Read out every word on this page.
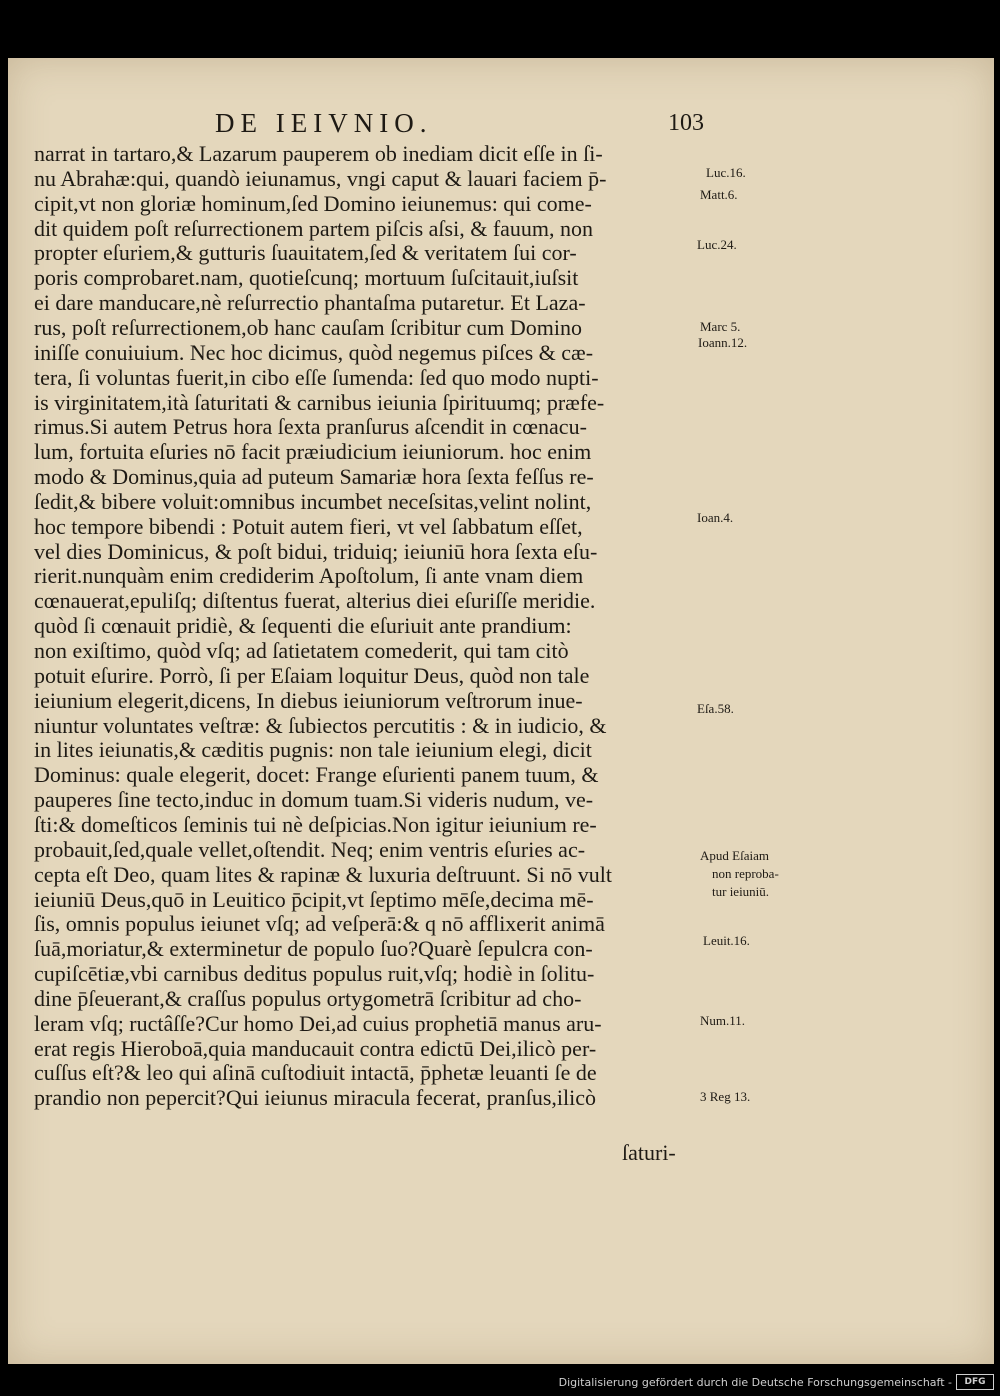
DE IEIVNIO.	103
narrat in tartaro,& Lazarum pauperem ob inediam dicit eſſe in ſi-
nu Abrahæ:qui, quandò ieiunamus, vngi caput & lauari faciem p̄-
cipit,vt non gloriæ hominum,ſed Domino ieiunemus: qui come-
dit quidem poſt reſurrectionem partem piſcis aſsi, & fauum, non
propter eſuriem,& gutturis ſuauitatem,ſed & veritatem ſui cor-
poris comprobaret.nam, quotieſcunq; mortuum ſuſcitauit,iuſsit
ei dare manducare,nè reſurrectio phantaſma putaretur. Et Laza-
rus, poſt reſurrectionem,ob hanc cauſam ſcribitur cum Domino
iniſſe conuiuium. Nec hoc dicimus, quòd negemus piſces & cæ-
tera, ſi voluntas fuerit,in cibo eſſe ſumenda: ſed quo modo nupti-
is virginitatem,ità ſaturitati & carnibus ieiunia ſpirituumq; præfe-
rimus.Si autem Petrus hora ſexta pranſurus aſcendit in cœnacu-
lum, fortuita eſuries nō facit præiudicium ieiuniorum. hoc enim
modo & Dominus,quia ad puteum Samariæ hora ſexta feſſus re-
ſedit,& bibere voluit:omnibus incumbet neceſsitas,velint nolint,
hoc tempore bibendi : Potuit autem fieri, vt vel ſabbatum eſſet,
vel dies Dominicus, & poſt bidui, triduiq; ieiuniū hora ſexta eſu-
rierit.nunquàm enim crediderim Apoſtolum, ſi ante vnam diem
cœnauerat,epuliſq; diſtentus fuerat, alterius diei eſuriſſe meridie.
quòd ſi cœnauit pridiè, & ſequenti die eſuriuit ante prandium:
non exiſtimo, quòd vſq; ad ſatietatem comederit, qui tam citò
potuit eſurire. Porrò, ſi per Eſaiam loquitur Deus, quòd non tale
ieiunium elegerit,dicens, In diebus ieiuniorum veſtrorum inue-
niuntur voluntates veſtræ: & ſubiectos percutitis : & in iudicio, &
in lites ieiunatis,& cæditis pugnis: non tale ieiunium elegi, dicit
Dominus: quale elegerit, docet: Frange eſurienti panem tuum, &
pauperes ſine tecto,induc in domum tuam.Si videris nudum, ve-
ſti:& domeſticos ſeminis tui nè deſpicias.Non igitur ieiunium re-
probauit,ſed,quale vellet,oſtendit. Neq; enim ventris eſuries ac-
cepta eſt Deo, quam lites & rapinæ & luxuria deſtruunt. Si nō vult
ieiuniū Deus,quō in Leuitico p̄cipit,vt ſeptimo mēſe,decima mē-
ſis, omnis populus ieiunet vſq; ad veſperā:& q nō afflixerit animā
ſuā,moriatur,& exterminetur de populo ſuo?Quarè ſepulcra con-
cupiſcētiæ,vbi carnibus deditus populus ruit,vſq; hodiè in ſolitu-
dine p̄ſeuerant,& craſſus populus ortygometrā ſcribitur ad cho-
leram vſq; ructâſſe?Cur homo Dei,ad cuius prophetiā manus aru-
erat regis Hieroboā,quia manducauit contra edictū Dei,ilicò per-
cuſſus eſt?& leo qui aſinā cuſtodiuit intactā, p̄phetæ leuanti ſe de
prandio non pepercit?Qui ieiunus miracula fecerat, pranſus,ilicò
ſaturi-
Luc.16.
Matt.6.
Luc.24.
Marc 5.
Ioann.12.
Ioan.4.
Eſa.58.
Apud Eſaiam
non reproba-
tur ieiuniū.
Leuit.16.
Num.11.
3 Reg 13.
Digitalisierung gefördert durch die Deutsche Forschungsgemeinschaft -	DFG
